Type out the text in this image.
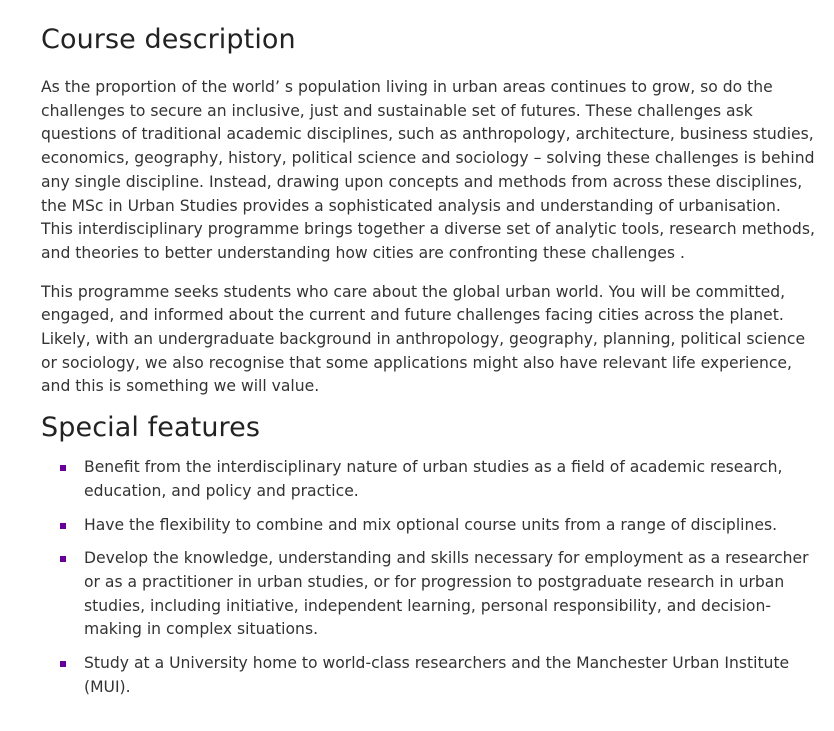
Course description

As the proportion of the world’ s population living in urban areas continues to grow, so do the challenges to secure an inclusive, just and sustainable set of futures. These challenges ask questions of traditional academic disciplines, such as anthropology, architecture, business studies, economics, geography, history, political science and sociology – solving these challenges is behind any single discipline. Instead, drawing upon concepts and methods from across these disciplines, the MSc in Urban Studies provides a sophisticated analysis and understanding of urbanisation. This interdisciplinary programme brings together a diverse set of analytic tools, research methods, and theories to better understanding how cities are confronting these challenges .

This programme seeks students who care about the global urban world. You will be committed, engaged, and informed about the current and future challenges facing cities across the planet. Likely, with an undergraduate background in anthropology, geography, planning, political science or sociology, we also recognise that some applications might also have relevant life experience, and this is something we will value.

Special features
Benefit from the interdisciplinary nature of urban studies as a field of academic research, education, and policy and practice.
Have the flexibility to combine and mix optional course units from a range of disciplines.
Develop the knowledge, understanding and skills necessary for employment as a researcher or as a practitioner in urban studies, or for progression to postgraduate research in urban studies, including initiative, independent learning, personal responsibility, and decision-making in complex situations.
Study at a University home to world-class researchers and the Manchester Urban Institute (MUI).
